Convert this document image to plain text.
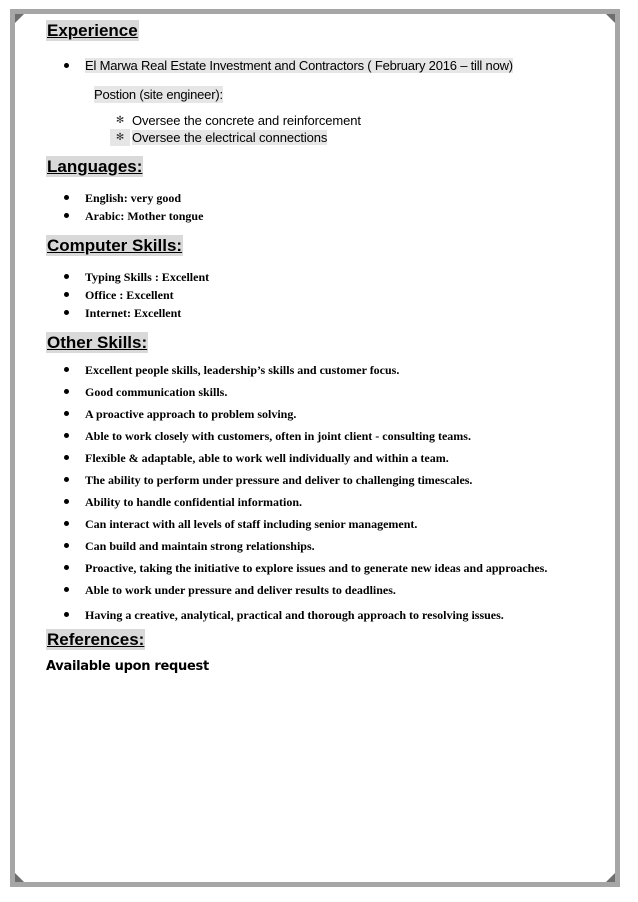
Experience
El Marwa Real Estate Investment and Contractors ( February 2016 – till now)
Postion (site engineer):
✻ Oversee the concrete and reinforcement
✻ Oversee the electrical connections
Languages:
English: very good
Arabic: Mother tongue
Computer Skills:
Typing Skills : Excellent
Office : Excellent
Internet: Excellent
Other Skills:
Excellent people skills, leadership’s skills and customer focus.
Good communication skills.
A proactive approach to problem solving.
Able to work closely with customers, often in joint client - consulting teams.
Flexible & adaptable, able to work well individually and within a team.
The ability to perform under pressure and deliver to challenging timescales.
Ability to handle confidential information.
Can interact with all levels of staff including senior management.
Can build and maintain strong relationships.
Proactive, taking the initiative to explore issues and to generate new ideas and approaches.
Able to work under pressure and deliver results to deadlines.
Having a creative, analytical, practical and thorough approach to resolving issues.
References:
Available upon request
